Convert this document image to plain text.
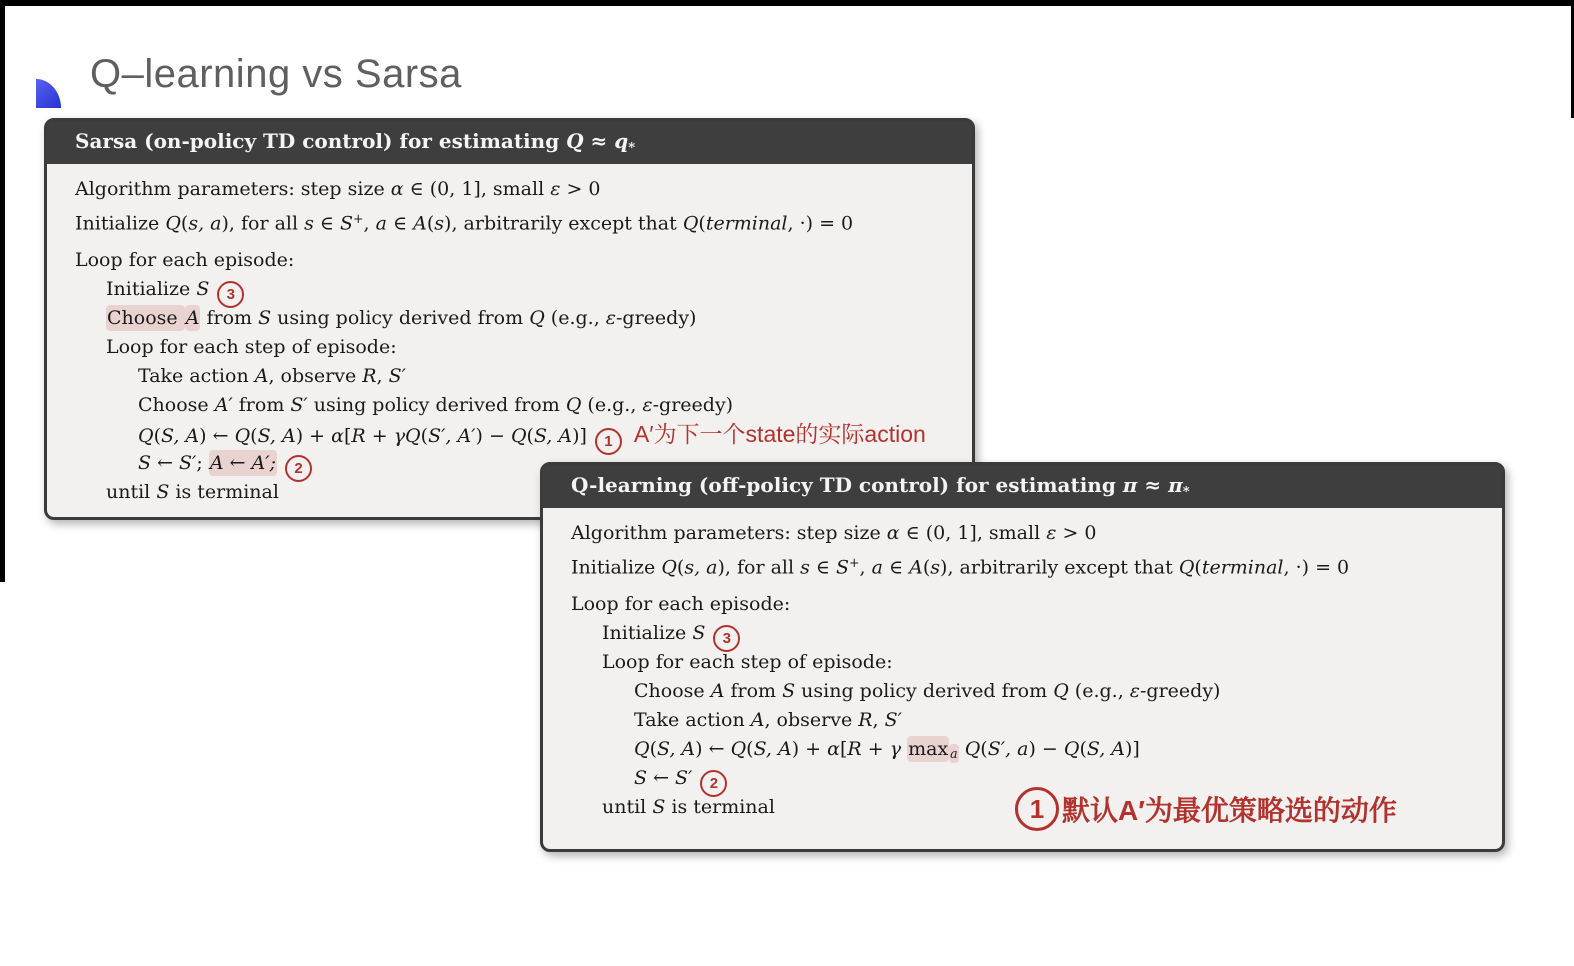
Q–learning vs Sarsa
Sarsa (on-policy TD control) for estimating $Q \approx q_*$
Algorithm parameters: step size α ∈ (0, 1], small ε > 0
Initialize Q(s, a), for all s ∈ S+, a ∈ A(s), arbitrarily except that Q(terminal, ·) = 0
Loop for each episode:
Initialize S 3
Choose A from S using policy derived from Q (e.g., ε-greedy)
Loop for each step of episode:
Take action A, observe R, S′
Choose A′ from S′ using policy derived from Q (e.g., ε-greedy)
Q(S, A) ← Q(S, A) + α[R + γQ(S′, A′) − Q(S, A)] 1 A′为下一个state的实际action
S ← S′; A ← A′; 2
until S is terminal	Q-learning (off-policy TD control) for estimating $\pi \approx \pi_*$
Algorithm parameters: step size α ∈ (0, 1], small ε > 0
Initialize Q(s, a), for all s ∈ S+, a ∈ A(s), arbitrarily except that Q(terminal, ·) = 0
Loop for each episode:
Initialize S 3
Loop for each step of episode:
Choose A from S using policy derived from Q (e.g., ε-greedy)
Take action A, observe R, S′
Q(S, A) ← Q(S, A) + α[R + γ max $_a$ Q(S′, a) − Q(S, A)]
S ← S′ 2
until S is terminal	1 默认A′为最优策略选的动作
